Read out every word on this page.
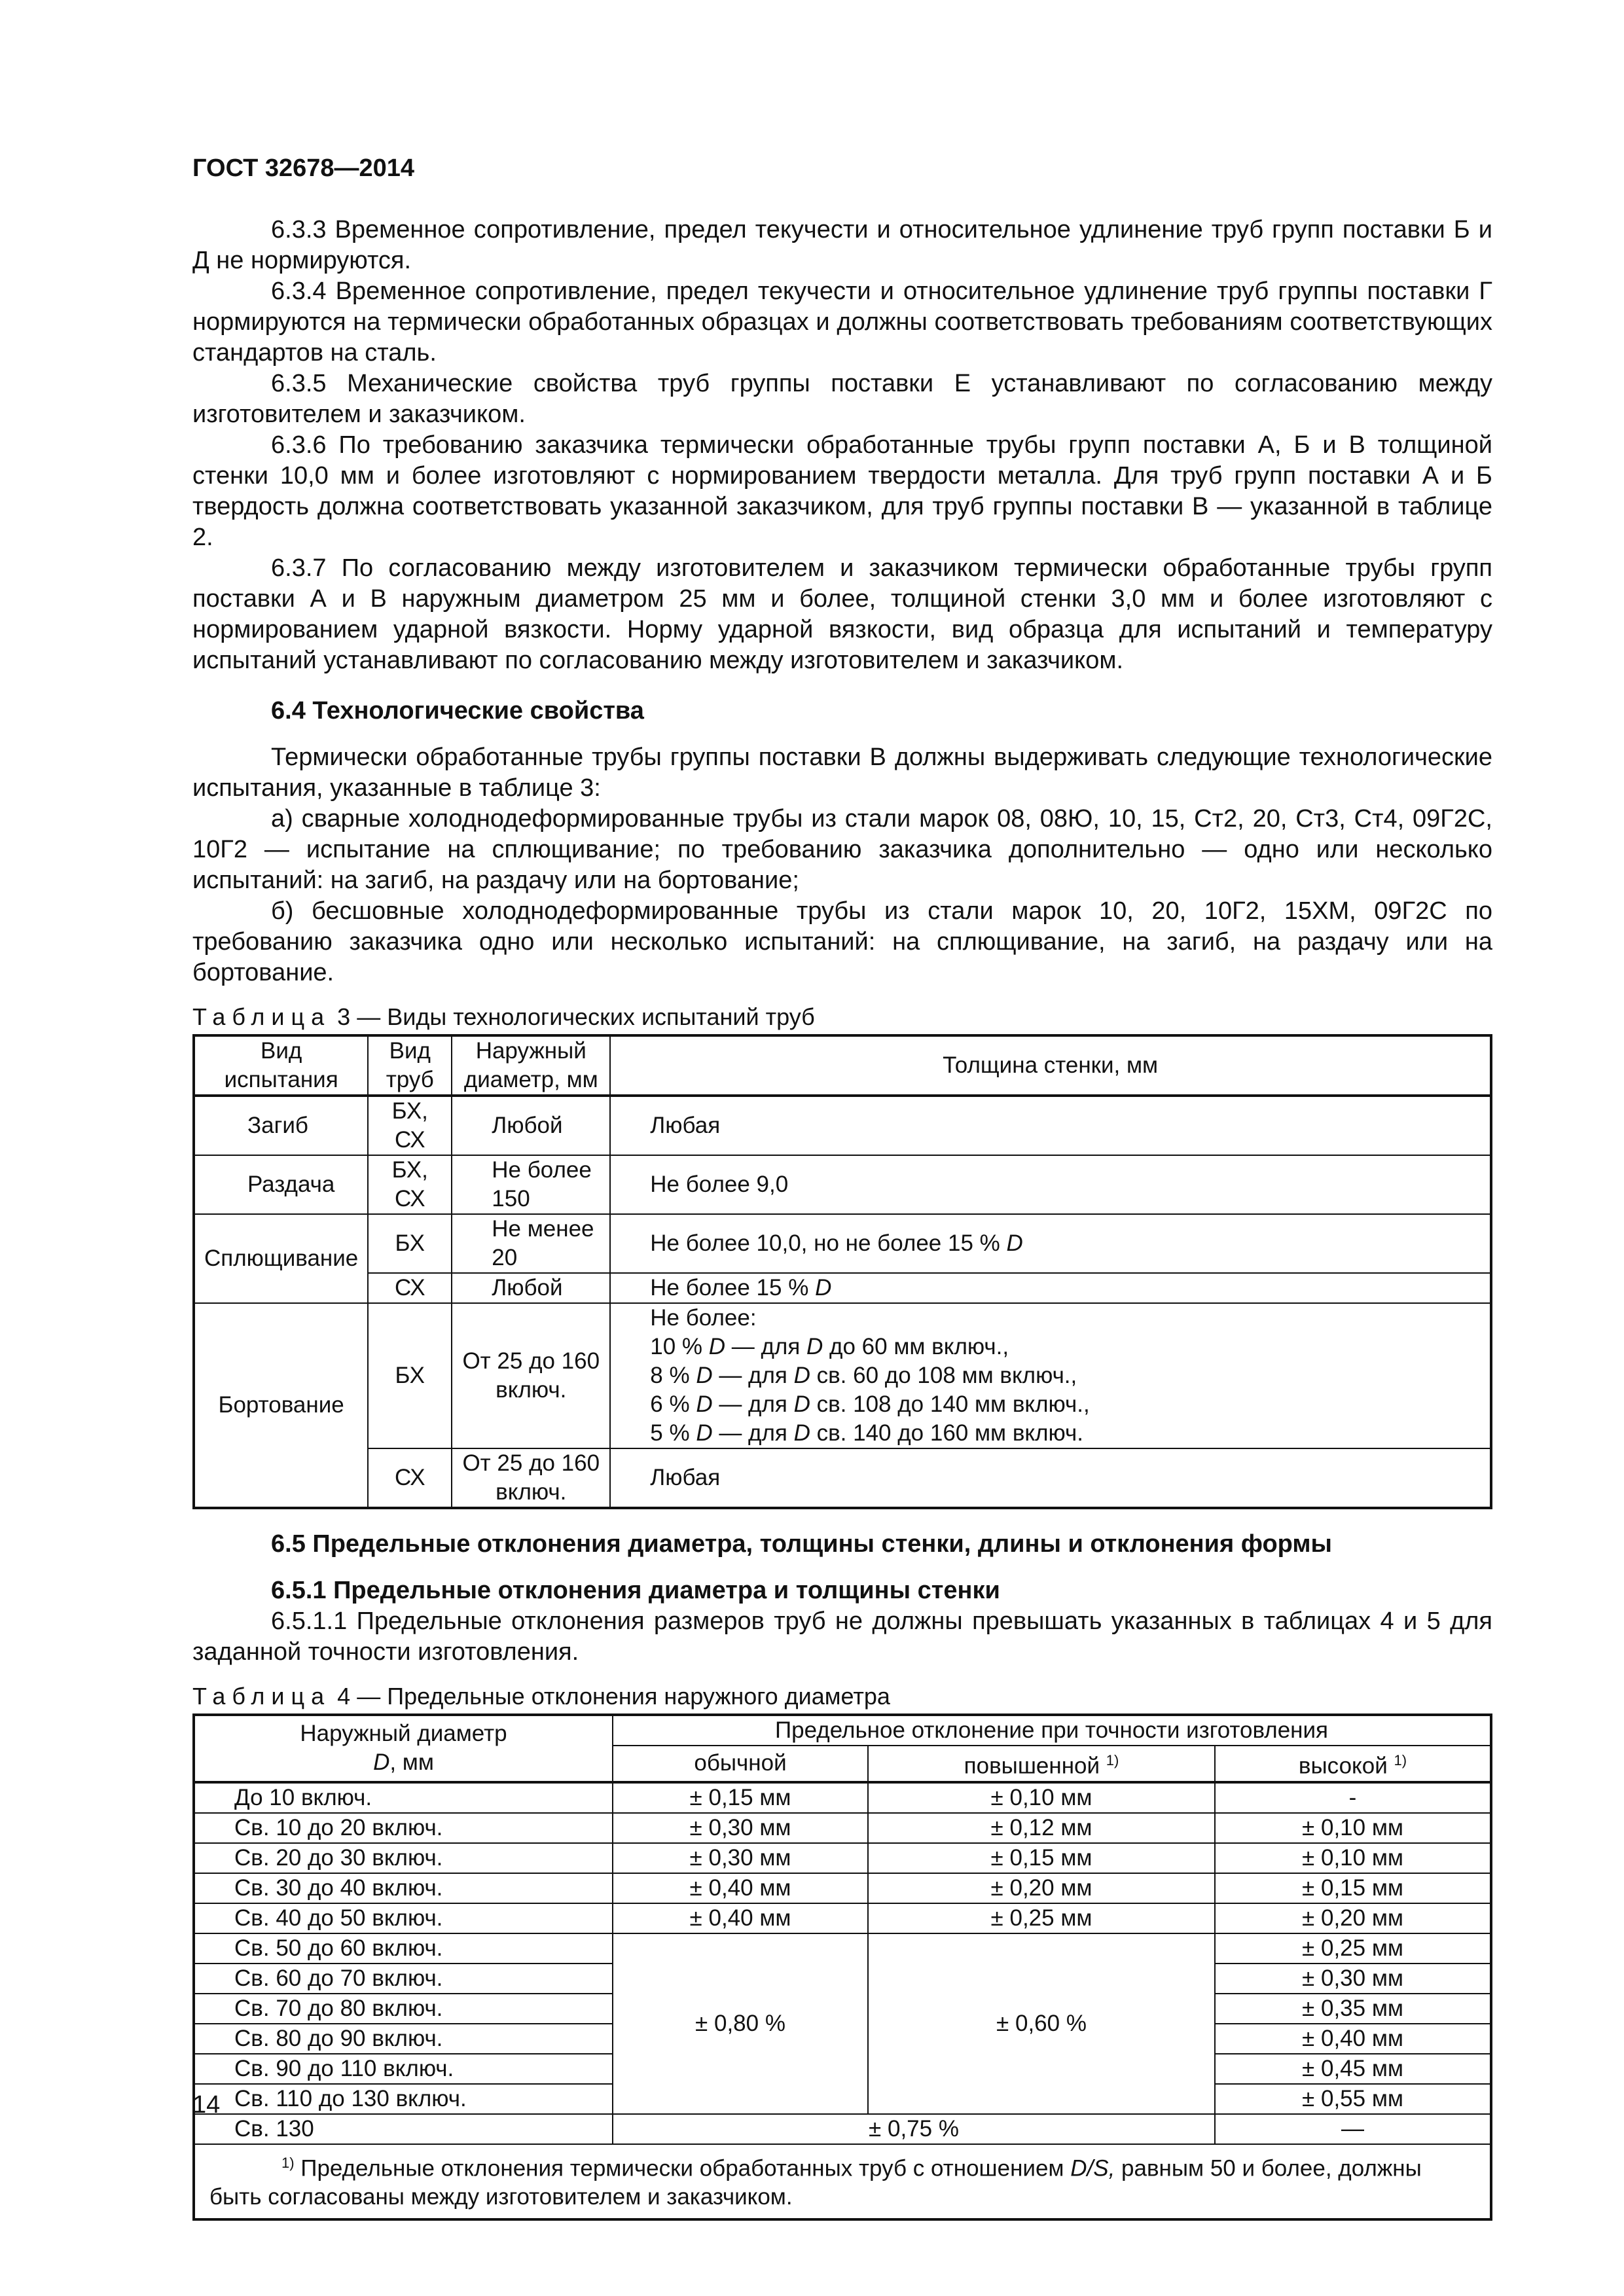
ГОСТ 32678—2014

6.3.3 Временное сопротивление, предел текучести и относительное удлинение труб групп поставки Б и Д не нормируются.

6.3.4 Временное сопротивление, предел текучести и относительное удлинение труб группы поставки Г нормируются на термически обработанных образцах и должны соответствовать требованиям соответствующих стандартов на сталь.

6.3.5 Механические свойства труб группы поставки Е устанавливают по согласованию между изготовителем и заказчиком.

6.3.6 По требованию заказчика термически обработанные трубы групп поставки А, Б и В толщиной стенки 10,0 мм и более изготовляют с нормированием твердости металла. Для труб групп поставки А и Б твердость должна соответствовать указанной заказчиком, для труб группы поставки В — указанной в таблице 2.

6.3.7 По согласованию между изготовителем и заказчиком термически обработанные трубы групп поставки А и В наружным диаметром 25 мм и более, толщиной стенки 3,0 мм и более изготовляют с нормированием ударной вязкости. Норму ударной вязкости, вид образца для испытаний и температуру испытаний устанавливают по согласованию между изготовителем и заказчиком.

6.4 Технологические свойства

Термически обработанные трубы группы поставки В должны выдерживать следующие технологические испытания, указанные в таблице 3:

а) сварные холоднодеформированные трубы из стали марок 08, 08Ю, 10, 15, Ст2, 20, Ст3, Ст4, 09Г2С, 10Г2 — испытание на сплющивание; по требованию заказчика дополнительно — одно или несколько испытаний: на загиб, на раздачу или на бортование;

б) бесшовные холоднодеформированные трубы из стали марок 10, 20, 10Г2, 15ХМ, 09Г2С по требованию заказчика одно или несколько испытаний: на сплющивание, на загиб, на раздачу или на бортование.

Таблица 3 — Виды технологических испытаний труб
Вид испытания	Вид труб	Наружный диаметр, мм	Толщина стенки, мм
Загиб	БХ, СХ	Любой	Любая
Раздача	БХ, СХ	Не более 150	Не более 9,0
Сплющивание	БХ	Не менее 20	Не более 10,0, но не более 15 % D
	СХ	Любой	Не более 15 % D
Бортование	БХ	От 25 до 160 включ.	Не более:
10 % D — для D до 60 мм включ.,
8 % D — для D св. 60 до 108 мм включ.,
6 % D — для D св. 108 до 140 мм включ.,
5 % D — для D св. 140 до 160 мм включ.

	СХ	От 25 до 160 включ.	Любая
6.5 Предельные отклонения диаметра, толщины стенки, длины и отклонения формы
6.5.1 Предельные отклонения диаметра и толщины стенки

6.5.1.1 Предельные отклонения размеров труб не должны превышать указанных в таблицах 4 и 5 для заданной точности изготовления.

Таблица 4 — Предельные отклонения наружного диаметра
Наружный диаметр
D, мм	Предельное отклонение при точности изготовления		
	обычной	повышенной $^{1)}$	высокой $^{1)}$
До 10 включ.	± 0,15 мм	± 0,10 мм	-
Св. 10 до 20 включ.	± 0,30 мм	± 0,12 мм	± 0,10 мм
Св. 20 до 30 включ.	± 0,30 мм	± 0,15 мм	± 0,10 мм
Св. 30 до 40 включ.	± 0,40 мм	± 0,20 мм	± 0,15 мм
Св. 40 до 50 включ.	± 0,40 мм	± 0,25 мм	± 0,20 мм
Св. 50 до 60 включ.	± 0,80 %	± 0,60 %	± 0,25 мм
Св. 60 до 70 включ.			± 0,30 мм
Св. 70 до 80 включ.			± 0,35 мм
Св. 80 до 90 включ.			± 0,40 мм
Св. 90 до 110 включ.			± 0,45 мм
Св. 110 до 130 включ.			± 0,55 мм
Св. 130	± 0,75 %		—
$^{1)}$ Предельные отклонения термически обработанных труб с отношением D/S, равным 50 и более, должны быть согласованы между изготовителем и заказчиком.			
14
